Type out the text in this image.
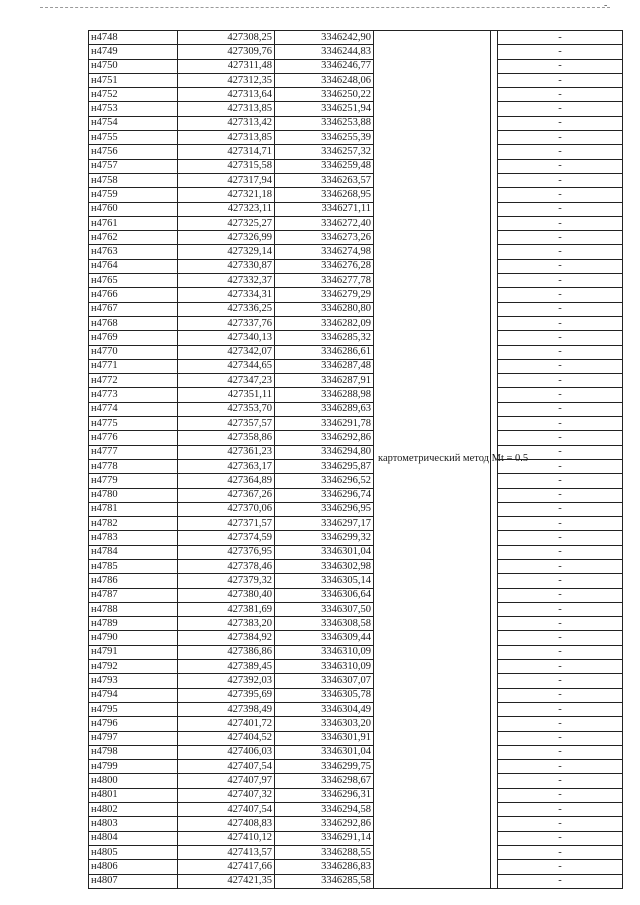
-
н4748	427308,25	3346242,90	картометрический метод Mt = 0.5		-
н4749	427309,76	3346244,83			-
н4750	427311,48	3346246,77			-
н4751	427312,35	3346248,06			-
н4752	427313,64	3346250,22			-
н4753	427313,85	3346251,94			-
н4754	427313,42	3346253,88			-
н4755	427313,85	3346255,39			-
н4756	427314,71	3346257,32			-
н4757	427315,58	3346259,48			-
н4758	427317,94	3346263,57			-
н4759	427321,18	3346268,95			-
н4760	427323,11	3346271,11			-
н4761	427325,27	3346272,40			-
н4762	427326,99	3346273,26			-
н4763	427329,14	3346274,98			-
н4764	427330,87	3346276,28			-
н4765	427332,37	3346277,78			-
н4766	427334,31	3346279,29			-
н4767	427336,25	3346280,80			-
н4768	427337,76	3346282,09			-
н4769	427340,13	3346285,32			-
н4770	427342,07	3346286,61			-
н4771	427344,65	3346287,48			-
н4772	427347,23	3346287,91			-
н4773	427351,11	3346288,98			-
н4774	427353,70	3346289,63			-
н4775	427357,57	3346291,78			-
н4776	427358,86	3346292,86			-
н4777	427361,23	3346294,80			-
н4778	427363,17	3346295,87			-
н4779	427364,89	3346296,52			-
н4780	427367,26	3346296,74			-
н4781	427370,06	3346296,95			-
н4782	427371,57	3346297,17			-
н4783	427374,59	3346299,32			-
н4784	427376,95	3346301,04			-
н4785	427378,46	3346302,98			-
н4786	427379,32	3346305,14			-
н4787	427380,40	3346306,64			-
н4788	427381,69	3346307,50			-
н4789	427383,20	3346308,58			-
н4790	427384,92	3346309,44			-
н4791	427386,86	3346310,09			-
н4792	427389,45	3346310,09			-
н4793	427392,03	3346307,07			-
н4794	427395,69	3346305,78			-
н4795	427398,49	3346304,49			-
н4796	427401,72	3346303,20			-
н4797	427404,52	3346301,91			-
н4798	427406,03	3346301,04			-
н4799	427407,54	3346299,75			-
н4800	427407,97	3346298,67			-
н4801	427407,32	3346296,31			-
н4802	427407,54	3346294,58			-
н4803	427408,83	3346292,86			-
н4804	427410,12	3346291,14			-
н4805	427413,57	3346288,55			-
н4806	427417,66	3346286,83			-
н4807	427421,35	3346285,58			-
